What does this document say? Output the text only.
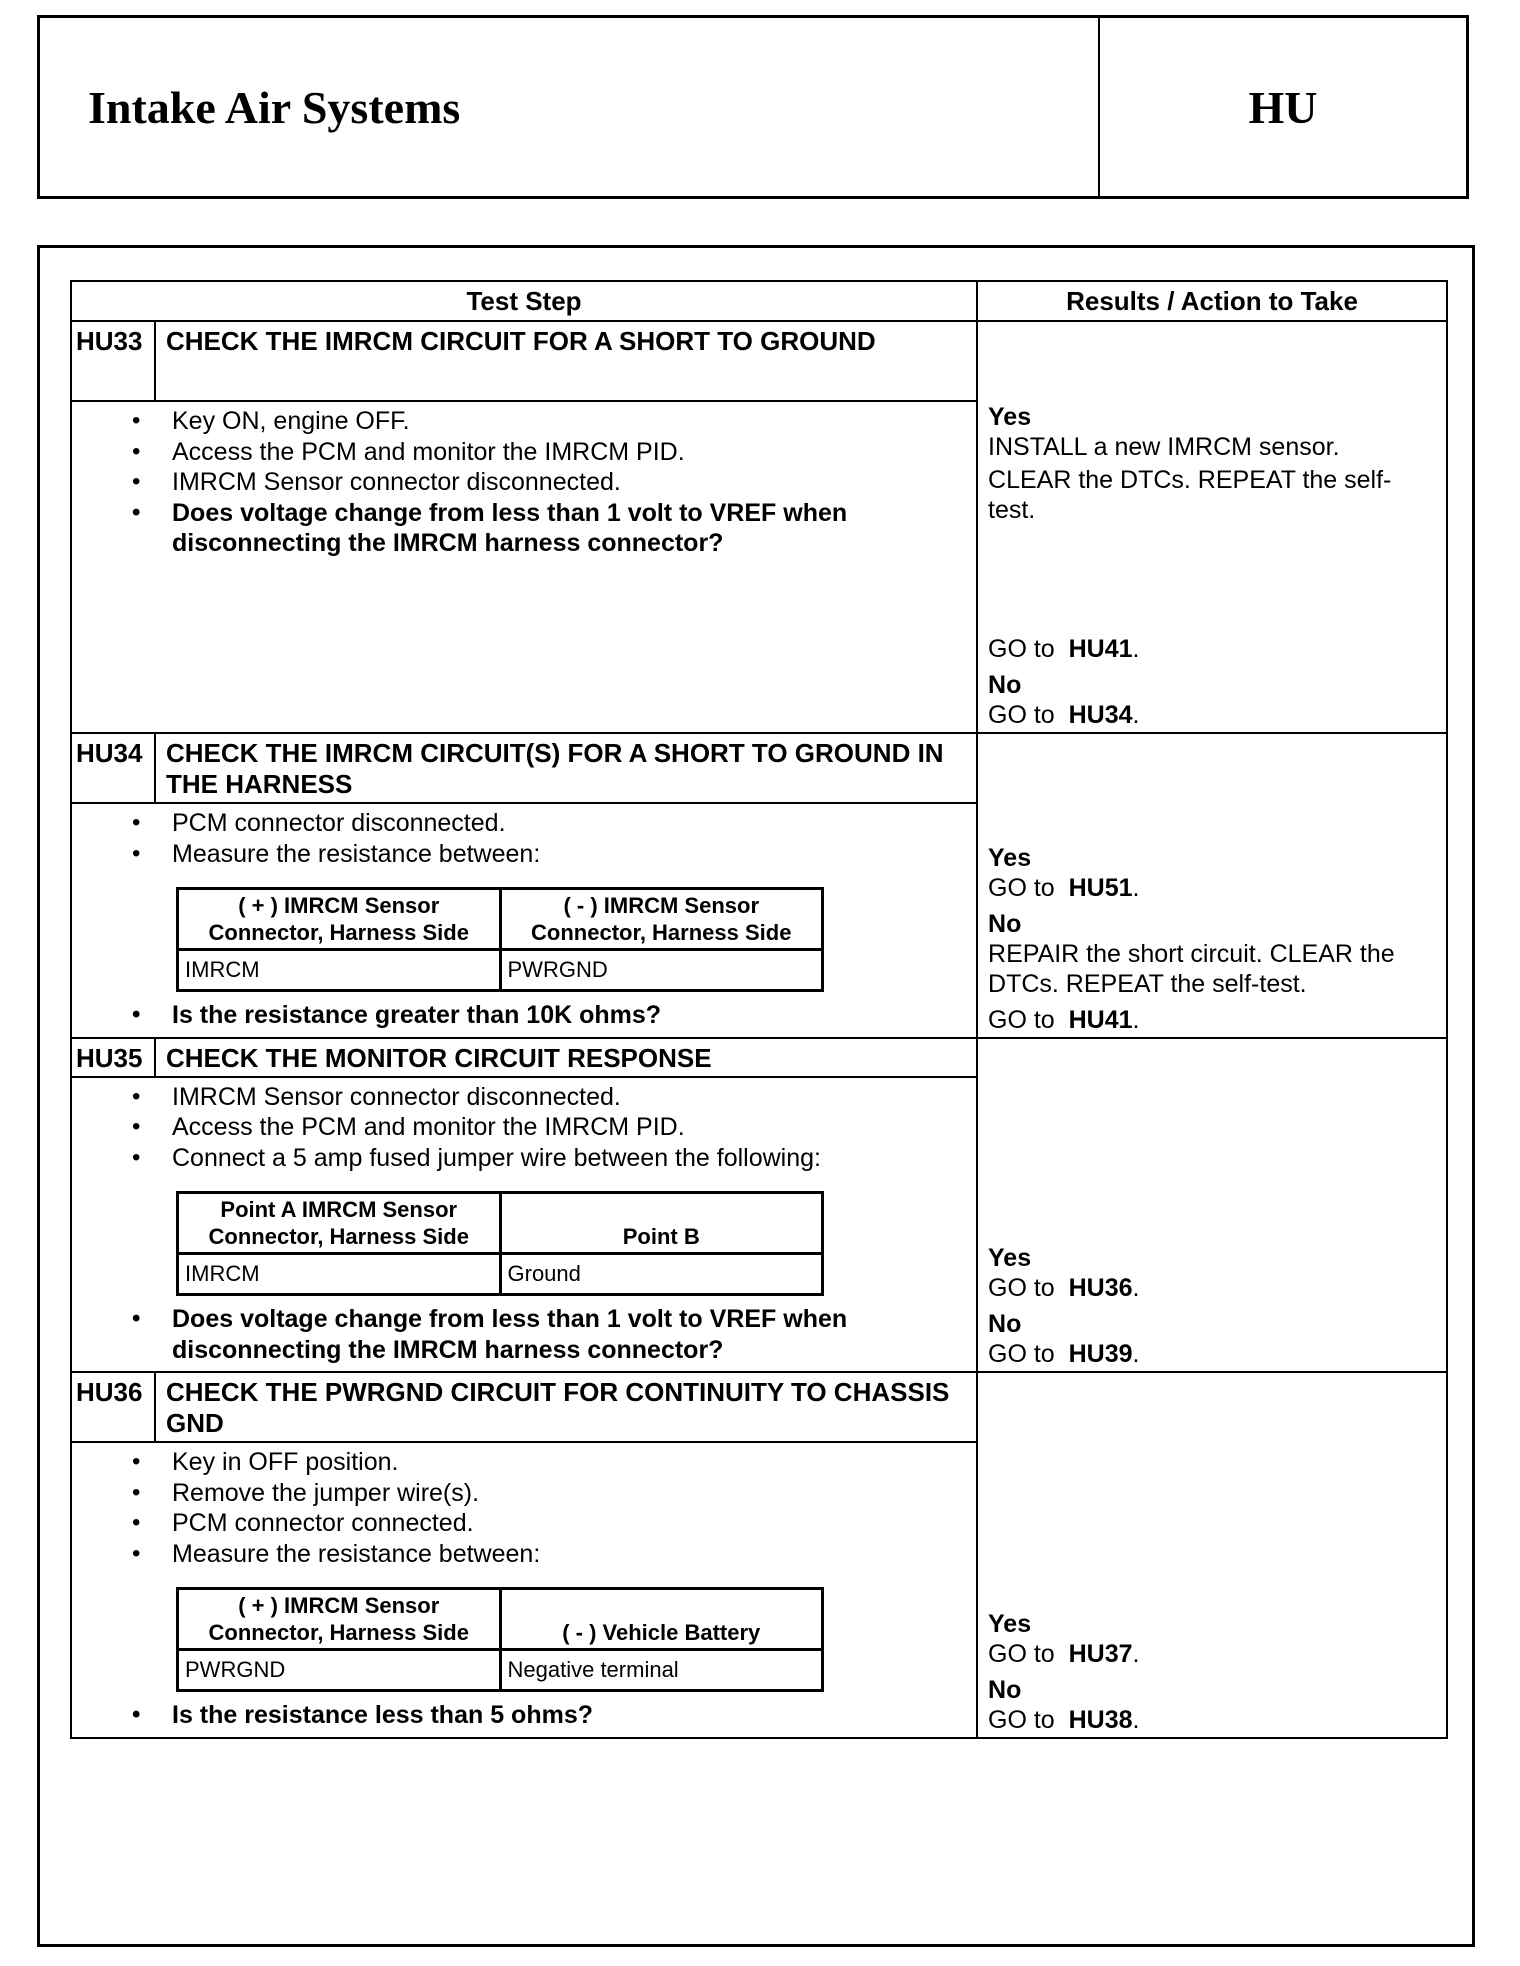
Intake Air Systems	HU
Test Step	Results / Action to Take
HU33	CHECK THE IMRCM CIRCUIT FOR A SHORT TO GROUND	
Yes
INSTALL a new IMRCM sensor.
CLEAR the DTCs. REPEAT the self-test.
GO to HU41.
No
GO to HU34.

• Key ON, engine OFF.
• Access the PCM and monitor the IMRCM PID.
• IMRCM Sensor connector disconnected.
• Does voltage change from less than 1 volt to VREF when disconnecting the IMRCM harness connector?

HU34	CHECK THE IMRCM CIRCUIT(S) FOR A SHORT TO GROUND IN THE HARNESS	
Yes
GO to HU51.
No
REPAIR the short circuit. CLEAR the DTCs. REPEAT the self-test.
GO to HU41.

• PCM connector disconnected.
• Measure the resistance between:
( + ) IMRCM Sensor Connector, Harness Side	( - ) IMRCM Sensor Connector, Harness Side
IMRCM	PWRGND
• Is the resistance greater than 10K ohms?

HU35	CHECK THE MONITOR CIRCUIT RESPONSE	
Yes
GO to HU36.
No
GO to HU39.

• IMRCM Sensor connector disconnected.
• Access the PCM and monitor the IMRCM PID.
• Connect a 5 amp fused jumper wire between the following:
Point A IMRCM Sensor Connector, Harness Side	Point B
IMRCM	Ground
• Does voltage change from less than 1 volt to VREF when disconnecting the IMRCM harness connector?

HU36	CHECK THE PWRGND CIRCUIT FOR CONTINUITY TO CHASSIS GND	
Yes
GO to HU37.
No
GO to HU38.

• Key in OFF position.
• Remove the jumper wire(s).
• PCM connector connected.
• Measure the resistance between:
( + ) IMRCM Sensor Connector, Harness Side	( - ) Vehicle Battery
PWRGND	Negative terminal
• Is the resistance less than 5 ohms?
